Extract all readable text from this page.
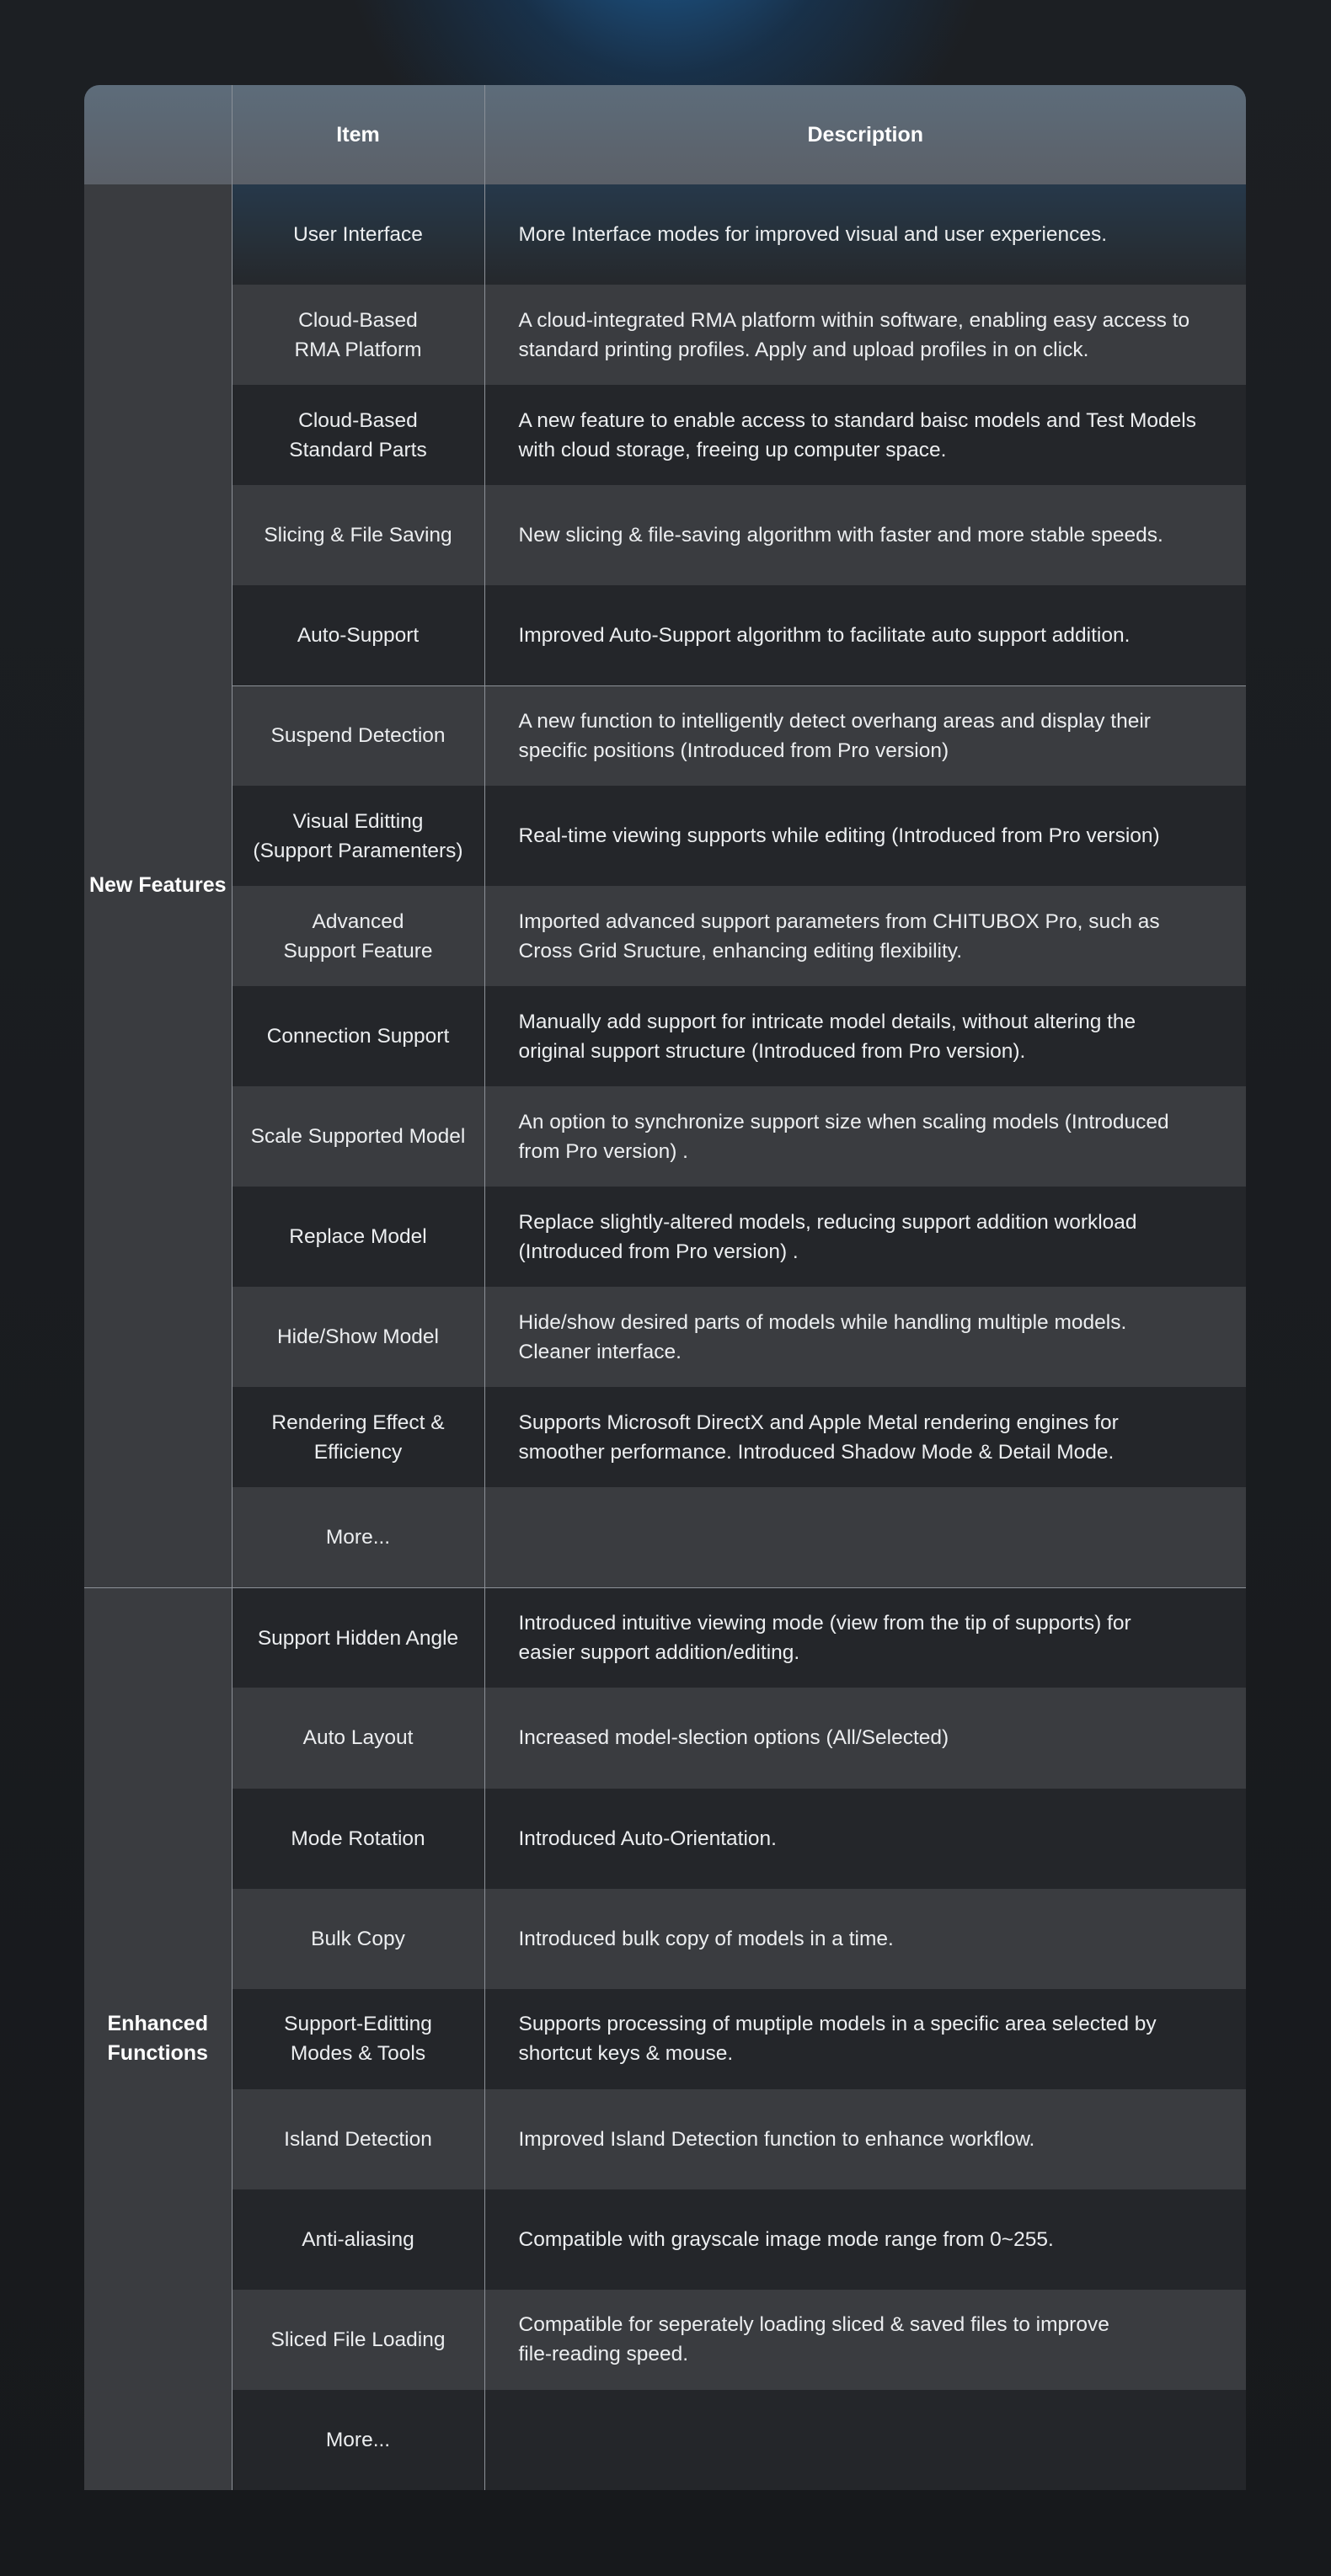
	Item	Description

New Features	User Interface	More Interface modes for improved visual and user experiences.

	Cloud-Based
RMA Platform	A cloud-integrated RMA platform within software, enabling easy access to
standard printing profiles. Apply and upload profiles in on click.

	Cloud-Based
Standard Parts	A new feature to enable access to standard baisc models and Test Models
with cloud storage, freeing up computer space.

	Slicing & File Saving	New slicing & file-saving algorithm with faster and more stable speeds.

	Auto-Support	Improved Auto-Support algorithm to facilitate auto support addition.

	Suspend Detection	A new function to intelligently detect overhang areas and display their
specific positions (Introduced from Pro version)

	Visual Editting
(Support Paramenters)	Real-time viewing supports while editing (Introduced from Pro version)

	Advanced
Support Feature	Imported advanced support parameters from CHITUBOX Pro, such as
Cross Grid Sructure, enhancing editing flexibility.

	Connection Support	Manually add support for intricate model details, without altering the
original support structure (Introduced from Pro version).

	Scale Supported Model	An option to synchronize support size when scaling models (Introduced
from Pro version) .

	Replace Model	Replace slightly-altered models, reducing support addition workload
(Introduced from Pro version) .

	Hide/Show Model	Hide/show desired parts of models while handling multiple models.
Cleaner interface.

	Rendering Effect &
Efficiency	Supports Microsoft DirectX and Apple Metal rendering engines for
smoother performance. Introduced Shadow Mode & Detail Mode.

	More...	

Enhanced
Functions	Support Hidden Angle	Introduced intuitive viewing mode (view from the tip of supports) for
easier support addition/editing.

	Auto Layout	Increased model-slection options (All/Selected)

	Mode Rotation	Introduced Auto-Orientation.

	Bulk Copy	Introduced bulk copy of models in a time.

	Support-Editting
Modes & Tools	Supports processing of muptiple models in a specific area selected by
shortcut keys & mouse.

	Island Detection	Improved Island Detection function to enhance workflow.

	Anti-aliasing	Compatible with grayscale image mode range from 0~255.

	Sliced File Loading	Compatible for seperately loading sliced & saved files to improve
file-reading speed.

	More...	
